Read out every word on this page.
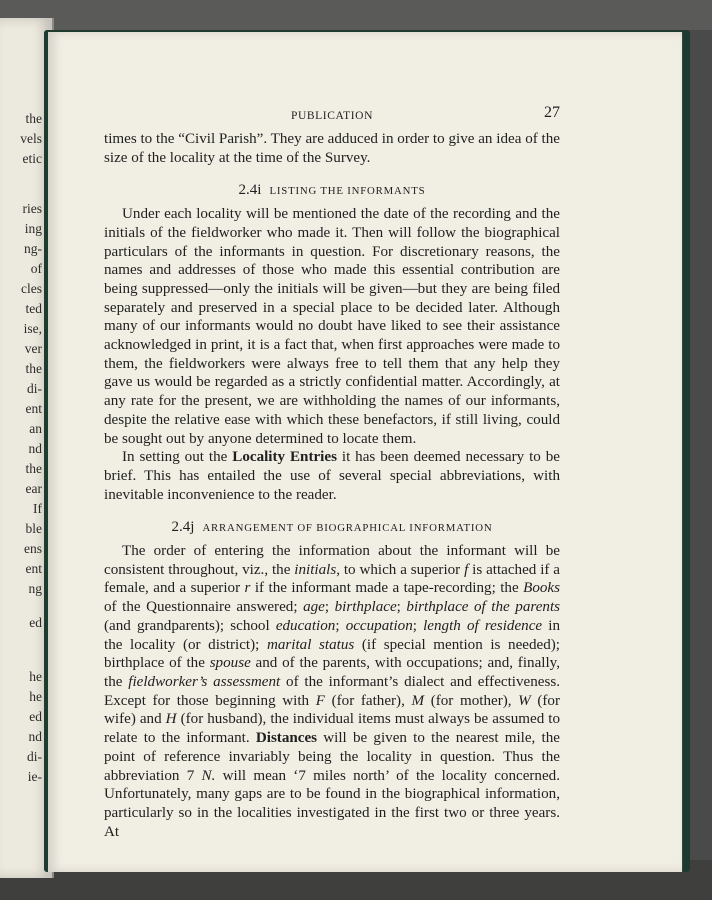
the
vels
etic
ries
ing
ng-
of
cles
ted
ise,
ver
the
di-
ent
an
nd
the
ear
If
ble
ens
ent
ng
ed
he
he
ed
nd
di-
ie-
PUBLICATION	27

times to the “Civil Parish”. They are adduced in order to give an idea of the size of the locality at the time of the Survey.

2.4i LISTING THE INFORMANTS

Under each locality will be mentioned the date of the recording and the initials of the fieldworker who made it. Then will follow the biographical particulars of the informants in question. For discretionary reasons, the names and addresses of those who made this essential contribution are being suppressed—only the initials will be given—but they are being filed separately and preserved in a special place to be decided later. Although many of our informants would no doubt have liked to see their assistance acknowledged in print, it is a fact that, when first approaches were made to them, the fieldworkers were always free to tell them that any help they gave us would be regarded as a strictly confidential matter. Accordingly, at any rate for the present, we are withholding the names of our informants, despite the relative ease with which these benefactors, if still living, could be sought out by anyone determined to locate them.

In setting out the Locality Entries it has been deemed necessary to be brief. This has entailed the use of several special abbreviations, with inevitable inconvenience to the reader.

2.4j ARRANGEMENT OF BIOGRAPHICAL INFORMATION

The order of entering the information about the informant will be consistent throughout, viz., the initials, to which a superior f is attached if a female, and a superior r if the informant made a tape-recording; the Books of the Questionnaire answered; age; birthplace; birthplace of the parents (and grandparents); school education; occupation; length of residence in the locality (or district); marital status (if special mention is needed); birthplace of the spouse and of the parents, with occupations; and, finally, the fieldworker’s assessment of the informant’s dialect and effectiveness. Except for those beginning with F (for father), M (for mother), W (for wife) and H (for husband), the individual items must always be assumed to relate to the informant. Distances will be given to the nearest mile, the point of reference invariably being the locality in question. Thus the abbreviation 7 N. will mean ‘7 miles north’ of the locality concerned. Unfortunately, many gaps are to be found in the biographical information, particularly so in the localities investigated in the first two or three years. At
